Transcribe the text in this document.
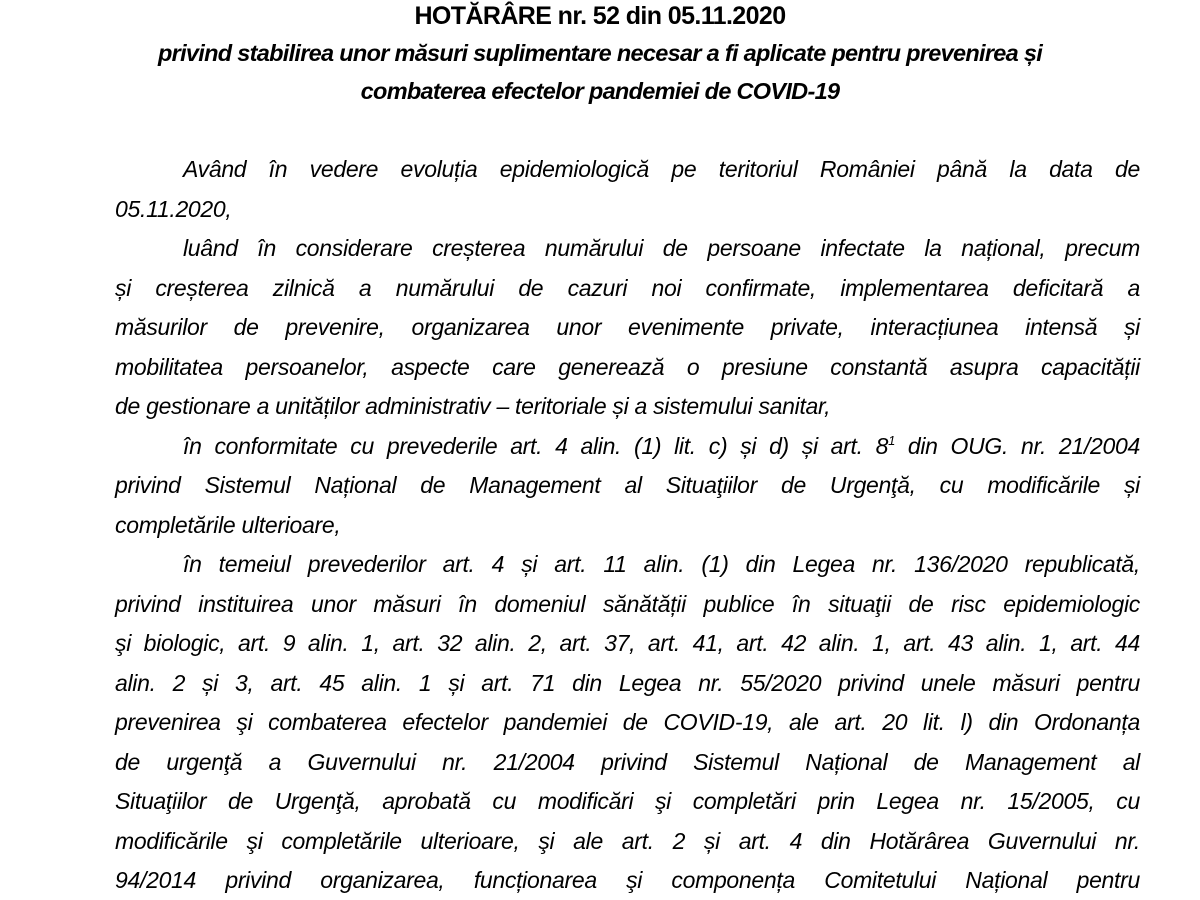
HOTĂRÂRE nr. 52 din 05.11.2020
privind stabilirea unor măsuri suplimentare necesar a fi aplicate pentru prevenirea și
combaterea efectelor pandemiei de COVID-19
Având în vedere evoluția epidemiologică pe teritoriul României până la data de
05.11.2020,
luând în considerare creșterea numărului de persoane infectate la național, precum
și creșterea zilnică a numărului de cazuri noi confirmate, implementarea deficitară a
măsurilor de prevenire, organizarea unor evenimente private, interacțiunea intensă și
mobilitatea persoanelor, aspecte care generează o presiune constantă asupra capacității
de gestionare a unităților administrativ – teritoriale și a sistemului sanitar,
în conformitate cu prevederile art. 4 alin. (1) lit. c) și d) și art. $8^1$ din OUG. nr. 21/2004
privind Sistemul Național de Management al Situaţiilor de Urgenţă, cu modificările și
completările ulterioare,
în temeiul prevederilor art. 4 și art. 11 alin. (1) din Legea nr. 136/2020 republicată,
privind instituirea unor măsuri în domeniul sănătății publice în situaţii de risc epidemiologic
şi biologic, art. 9 alin. 1, art. 32 alin. 2, art. 37, art. 41, art. 42 alin. 1, art. 43 alin. 1, art. 44
alin. 2 și 3, art. 45 alin. 1 și art. 71 din Legea nr. 55/2020 privind unele măsuri pentru
prevenirea şi combaterea efectelor pandemiei de COVID-19, ale art. 20 lit. l) din Ordonanța
de urgenţă a Guvernului nr. 21/2004 privind Sistemul Național de Management al
Situaţiilor de Urgenţă, aprobată cu modificări şi completări prin Legea nr. 15/2005, cu
modificările şi completările ulterioare, şi ale art. 2 și art. 4 din Hotărârea Guvernului nr.
94/2014 privind organizarea, funcționarea şi componența Comitetului Național pentru
